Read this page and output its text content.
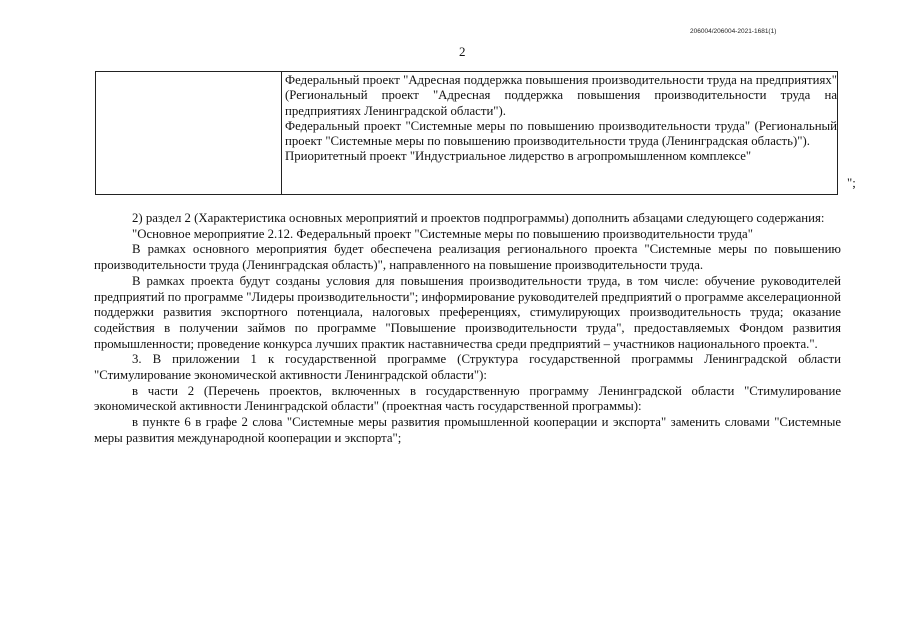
206004/206004-2021-1681(1)
2

Федеральный проект "Адресная поддержка повышения производительности труда на предприятиях" (Региональный проект "Адресная поддержка повышения производительности труда на предприятиях Ленинградской области").

Федеральный проект "Системные меры по повышению производительности труда" (Региональный проект "Системные меры по повышению производительности труда (Ленинградская область)").

Приоритетный проект "Индустриальное лидерство в агропромышленном комплексе"

";

2) раздел 2 (Характеристика основных мероприятий и проектов подпрограммы) дополнить абзацами следующего содержания:

"Основное мероприятие 2.12. Федеральный проект "Системные меры по повышению производительности труда"

В рамках основного мероприятия будет обеспечена реализация регионального проекта "Системные меры по повышению производительности труда (Ленинградская область)", направленного на повышение производительности труда.

В рамках проекта будут созданы условия для повышения производительности труда, в том числе: обучение руководителей предприятий по программе "Лидеры производительности"; информирование руководителей предприятий о программе акселерационной поддержки развития экспортного потенциала, налоговых преференциях, стимулирующих производительность труда; оказание содействия в получении займов по программе "Повышение производительности труда", предоставляемых Фондом развития промышленности; проведение конкурса лучших практик наставничества среди предприятий – участников национального проекта.".

3. В приложении 1 к государственной программе (Структура государственной программы Ленинградской области "Стимулирование экономической активности Ленинградской области"):

в части 2 (Перечень проектов, включенных в государственную программу Ленинградской области "Стимулирование экономической активности Ленинградской области" (проектная часть государственной программы):

в пункте 6 в графе 2 слова "Системные меры развития промышленной кооперации и экспорта" заменить словами "Системные меры развития международной кооперации и экспорта";
